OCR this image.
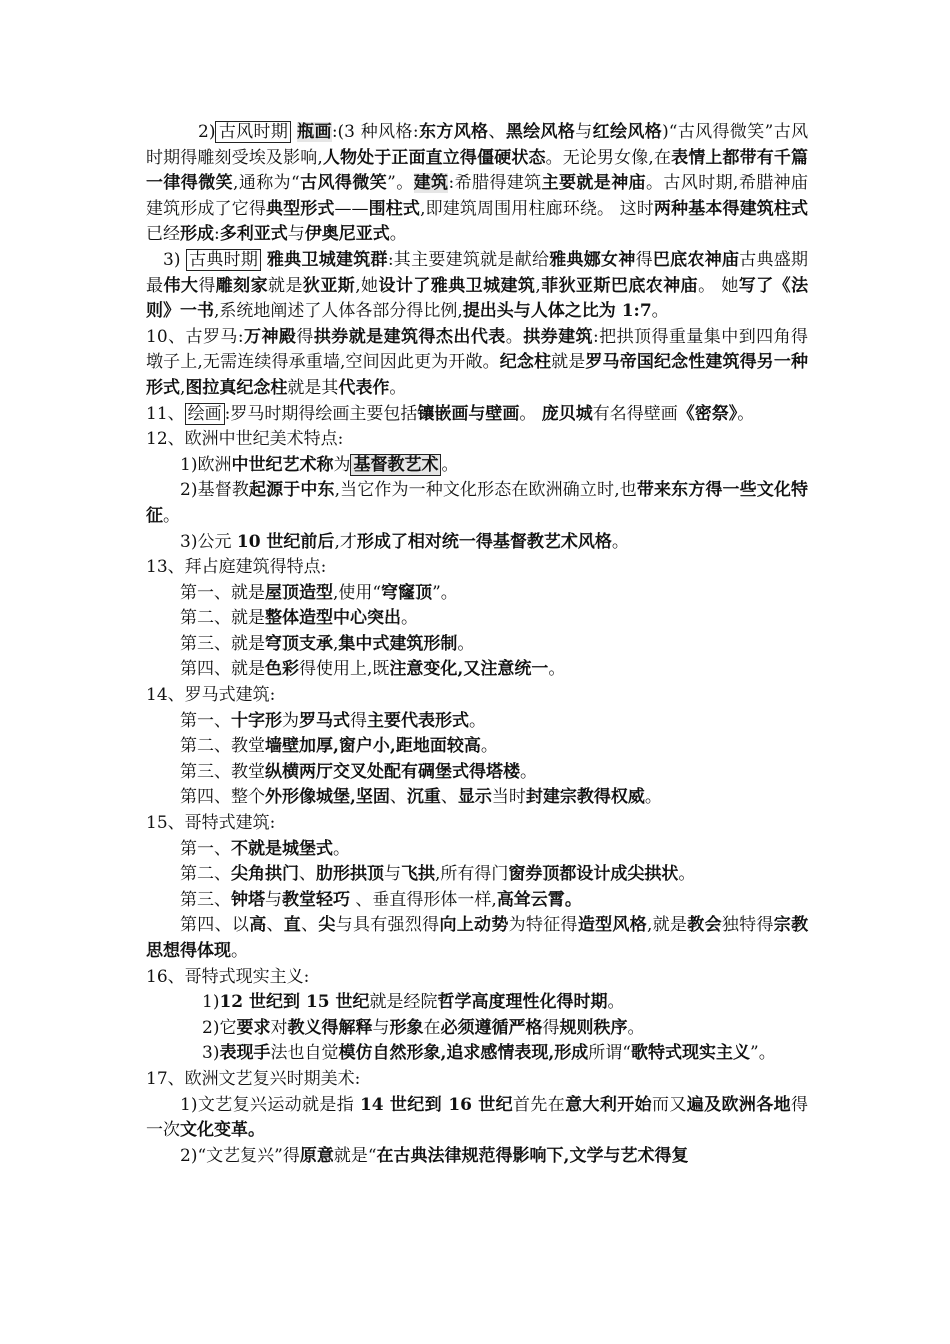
2) 古风时期 瓶画:(3 种风格:东方风格、黑绘风格与红绘风格)“古风得微笑”古风时期得雕刻受埃及影响,人物处于正面直立得僵硬状态。无论男女像,在表情上都带有千篇一律得微笑,通称为“古风得微笑”。建筑:希腊得建筑主要就是神庙。古风时期,希腊神庙建筑形成了它得典型形式——围柱式,即建筑周围用柱廊环绕。 这时两种基本得建筑柱式已经形成:多利亚式与伊奥尼亚式。

3) 古典时期 雅典卫城建筑群:其主要建筑就是献给雅典娜女神得巴底农神庙古典盛期最伟大得雕刻家就是狄亚斯,她设计了雅典卫城建筑,菲狄亚斯巴底农神庙。 她写了《法则》一书,系统地阐述了人体各部分得比例,提出头与人体之比为 1:7。

10、古罗马:万神殿得拱券就是建筑得杰出代表。拱券建筑:把拱顶得重量集中到四角得墩子上,无需连续得承重墙,空间因此更为开敞。纪念柱就是罗马帝国纪念性建筑得另一种形式,图拉真纪念柱就是其代表作。

11、 绘画 :罗马时期得绘画主要包括镶嵌画与壁画。 庞贝城有名得壁画《密祭》。

12、欧洲中世纪美术特点:

1)欧洲中世纪艺术称为 基督教艺术 。

2)基督教起源于中东,当它作为一种文化形态在欧洲确立时,也带来东方得一些文化特征。

3)公元 10 世纪前后,才形成了相对统一得基督教艺术风格。

13、拜占庭建筑得特点:

第一、就是屋顶造型,使用“穹窿顶”。

第二、就是整体造型中心突出。

第三、就是穹顶支承,集中式建筑形制。

第四、就是色彩得使用上,既注意变化,又注意统一。

14、罗马式建筑:

第一、十字形为罗马式得主要代表形式。

第二、教堂墙壁加厚,窗户小,距地面较高。

第三、教堂纵横两厅交叉处配有碉堡式得塔楼。

第四、整个外形像城堡,坚固、沉重、显示当时封建宗教得权威。

15、哥特式建筑:

第一、不就是城堡式。

第二、尖角拱门、肋形拱顶与飞拱,所有得门窗券顶都设计成尖拱状。

第三、钟塔与教堂轻巧 、垂直得形体一样,高耸云霄。

第四、以高、直、尖与具有强烈得向上动势为特征得造型风格,就是教会独特得宗教思想得体现。

16、哥特式现实主义:

1)12 世纪到 15 世纪就是经院哲学高度理性化得时期。

2)它要求对教义得解释与形象在必须遵循严格得规则秩序。

3)表现手法也自觉模仿自然形象,追求感情表现,形成所谓“歌特式现实主义”。

17、欧洲文艺复兴时期美术:

1)文艺复兴运动就是指 14 世纪到 16 世纪首先在意大利开始而又遍及欧洲各地得一次文化变革。

2)“文艺复兴”得原意就是“在古典法律规范得影响下,文学与艺术得复
